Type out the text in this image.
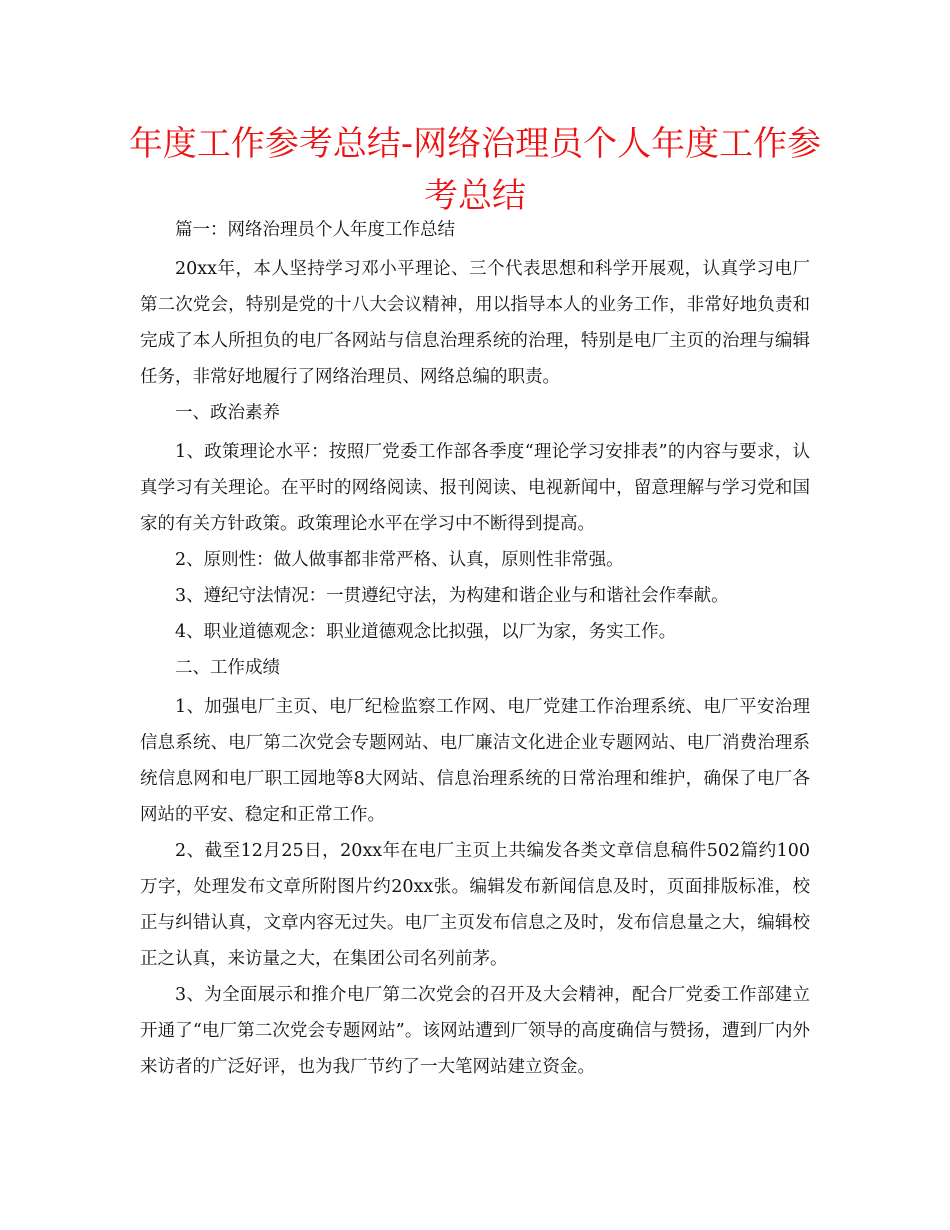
年度工作参考总结-网络治理员个人年度工作参考总结

篇一：网络治理员个人年度工作总结

20xx年，本人坚持学习邓小平理论、三个代表思想和科学开展观，认真学习电厂第二次党会，特别是党的十八大会议精神，用以指导本人的业务工作，非常好地负责和完成了本人所担负的电厂各网站与信息治理系统的治理，特别是电厂主页的治理与编辑任务，非常好地履行了网络治理员、网络总编的职责。

一、政治素养

1、政策理论水平：按照厂党委工作部各季度“理论学习安排表”的内容与要求，认真学习有关理论。在平时的网络阅读、报刊阅读、电视新闻中，留意理解与学习党和国家的有关方针政策。政策理论水平在学习中不断得到提高。

2、原则性：做人做事都非常严格、认真，原则性非常强。

3、遵纪守法情况：一贯遵纪守法，为构建和谐企业与和谐社会作奉献。

4、职业道德观念：职业道德观念比拟强，以厂为家，务实工作。

二、工作成绩

1、加强电厂主页、电厂纪检监察工作网、电厂党建工作治理系统、电厂平安治理信息系统、电厂第二次党会专题网站、电厂廉洁文化进企业专题网站、电厂消费治理系统信息网和电厂职工园地等8大网站、信息治理系统的日常治理和维护，确保了电厂各网站的平安、稳定和正常工作。

2、截至12月25日，20xx年在电厂主页上共编发各类文章信息稿件502篇约100万字，处理发布文章所附图片约20xx张。编辑发布新闻信息及时，页面排版标准，校正与纠错认真，文章内容无过失。电厂主页发布信息之及时，发布信息量之大，编辑校正之认真，来访量之大，在集团公司名列前茅。

3、为全面展示和推介电厂第二次党会的召开及大会精神，配合厂党委工作部建立开通了“电厂第二次党会专题网站”。该网站遭到厂领导的高度确信与赞扬，遭到厂内外来访者的广泛好评，也为我厂节约了一大笔网站建立资金。
